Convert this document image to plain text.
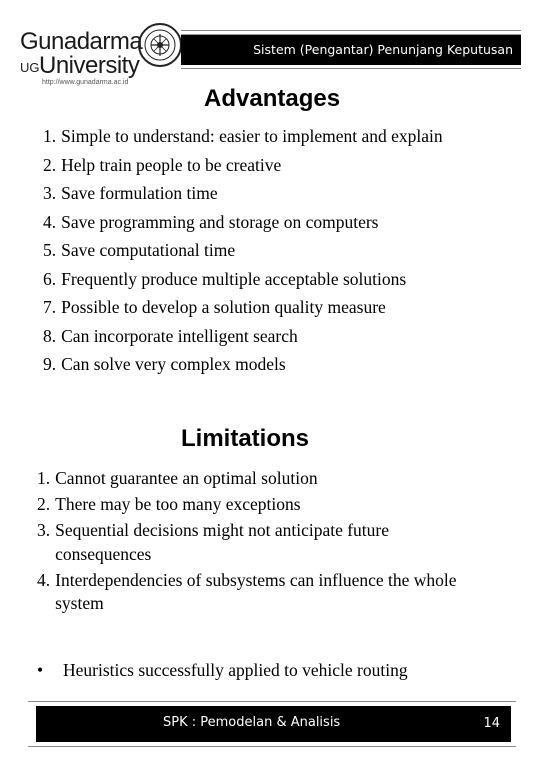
Gunadarma
UG University
http://www.gunadarma.ac.id
Sistem (Pengantar) Penunjang Keputusan
Advantages
1. Simple to understand: easier to implement and explain
2. Help train people to be creative
3. Save formulation time
4. Save programming and storage on computers
5. Save computational time
6. Frequently produce multiple acceptable solutions
7. Possible to develop a solution quality measure
8. Can incorporate intelligent search
9. Can solve very complex models
Limitations
1. Cannot guarantee an optimal solution
2. There may be too many exceptions
3. Sequential decisions might not anticipate future consequences
4. Interdependencies of subsystems can influence the whole system
•	Heuristics successfully applied to vehicle routing
SPK : Pemodelan & Analisis	14
